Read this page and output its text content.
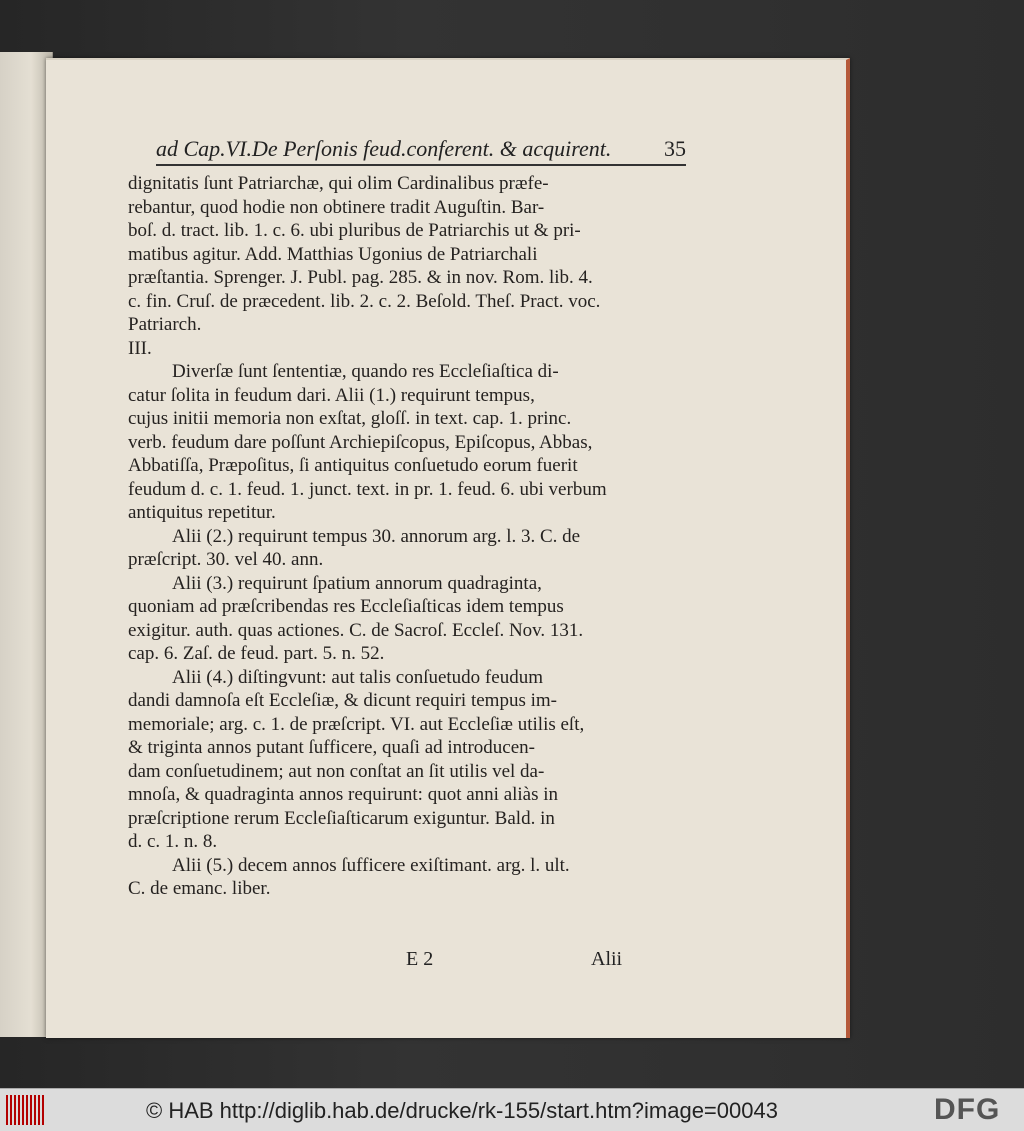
ad Cap.VI.De Perſonis feud.conferent. & acquirent. 35

dignitatis ſunt Patriarchæ, qui olim Cardinalibus præfe-

rebantur, quod hodie non obtinere tradit Auguſtin. Bar-

boſ. d. tract. lib. 1. c. 6. ubi pluribus de Patriarchis ut & pri-

matibus agitur. Add. Matthias Ugonius de Patriarchali

præſtantia. Sprenger. J. Publ. pag. 285. & in nov. Rom. lib. 4.

c. fin. Cruſ. de præcedent. lib. 2. c. 2. Beſold. Theſ. Pract. voc.

Patriarch.

III.

Diverſæ ſunt ſententiæ, quando res Eccleſiaſtica di-

catur ſolita in feudum dari. Alii (1.) requirunt tempus,

cujus initii memoria non exſtat, gloſſ. in text. cap. 1. princ.

verb. feudum dare poſſunt Archiepiſcopus, Epiſcopus, Abbas,

Abbatiſſa, Præpoſitus, ſi antiquitus conſuetudo eorum fuerit

feudum d. c. 1. feud. 1. junct. text. in pr. 1. feud. 6. ubi verbum

antiquitus repetitur.

Alii (2.) requirunt tempus 30. annorum arg. l. 3. C. de

præſcript. 30. vel 40. ann.

Alii (3.) requirunt ſpatium annorum quadraginta,

quoniam ad præſcribendas res Eccleſiaſticas idem tempus

exigitur. auth. quas actiones. C. de Sacroſ. Eccleſ. Nov. 131.

cap. 6. Zaſ. de feud. part. 5. n. 52.

Alii (4.) diſtingvunt: aut talis conſuetudo feudum

dandi damnoſa eſt Eccleſiæ, & dicunt requiri tempus im-

memoriale; arg. c. 1. de præſcript. VI. aut Eccleſiæ utilis eſt,

& triginta annos putant ſufficere, quaſi ad introducen-

dam conſuetudinem; aut non conſtat an ſit utilis vel da-

mnoſa, & quadraginta annos requirunt: quot anni aliàs in

præſcriptione rerum Eccleſiaſticarum exiguntur. Bald. in

d. c. 1. n. 8.

Alii (5.) decem annos ſufficere exiſtimant. arg. l. ult.

C. de emanc. liber.

E 2	Alii
© HAB http://diglib.hab.de/drucke/rk-155/start.htm?image=00043	DFG
